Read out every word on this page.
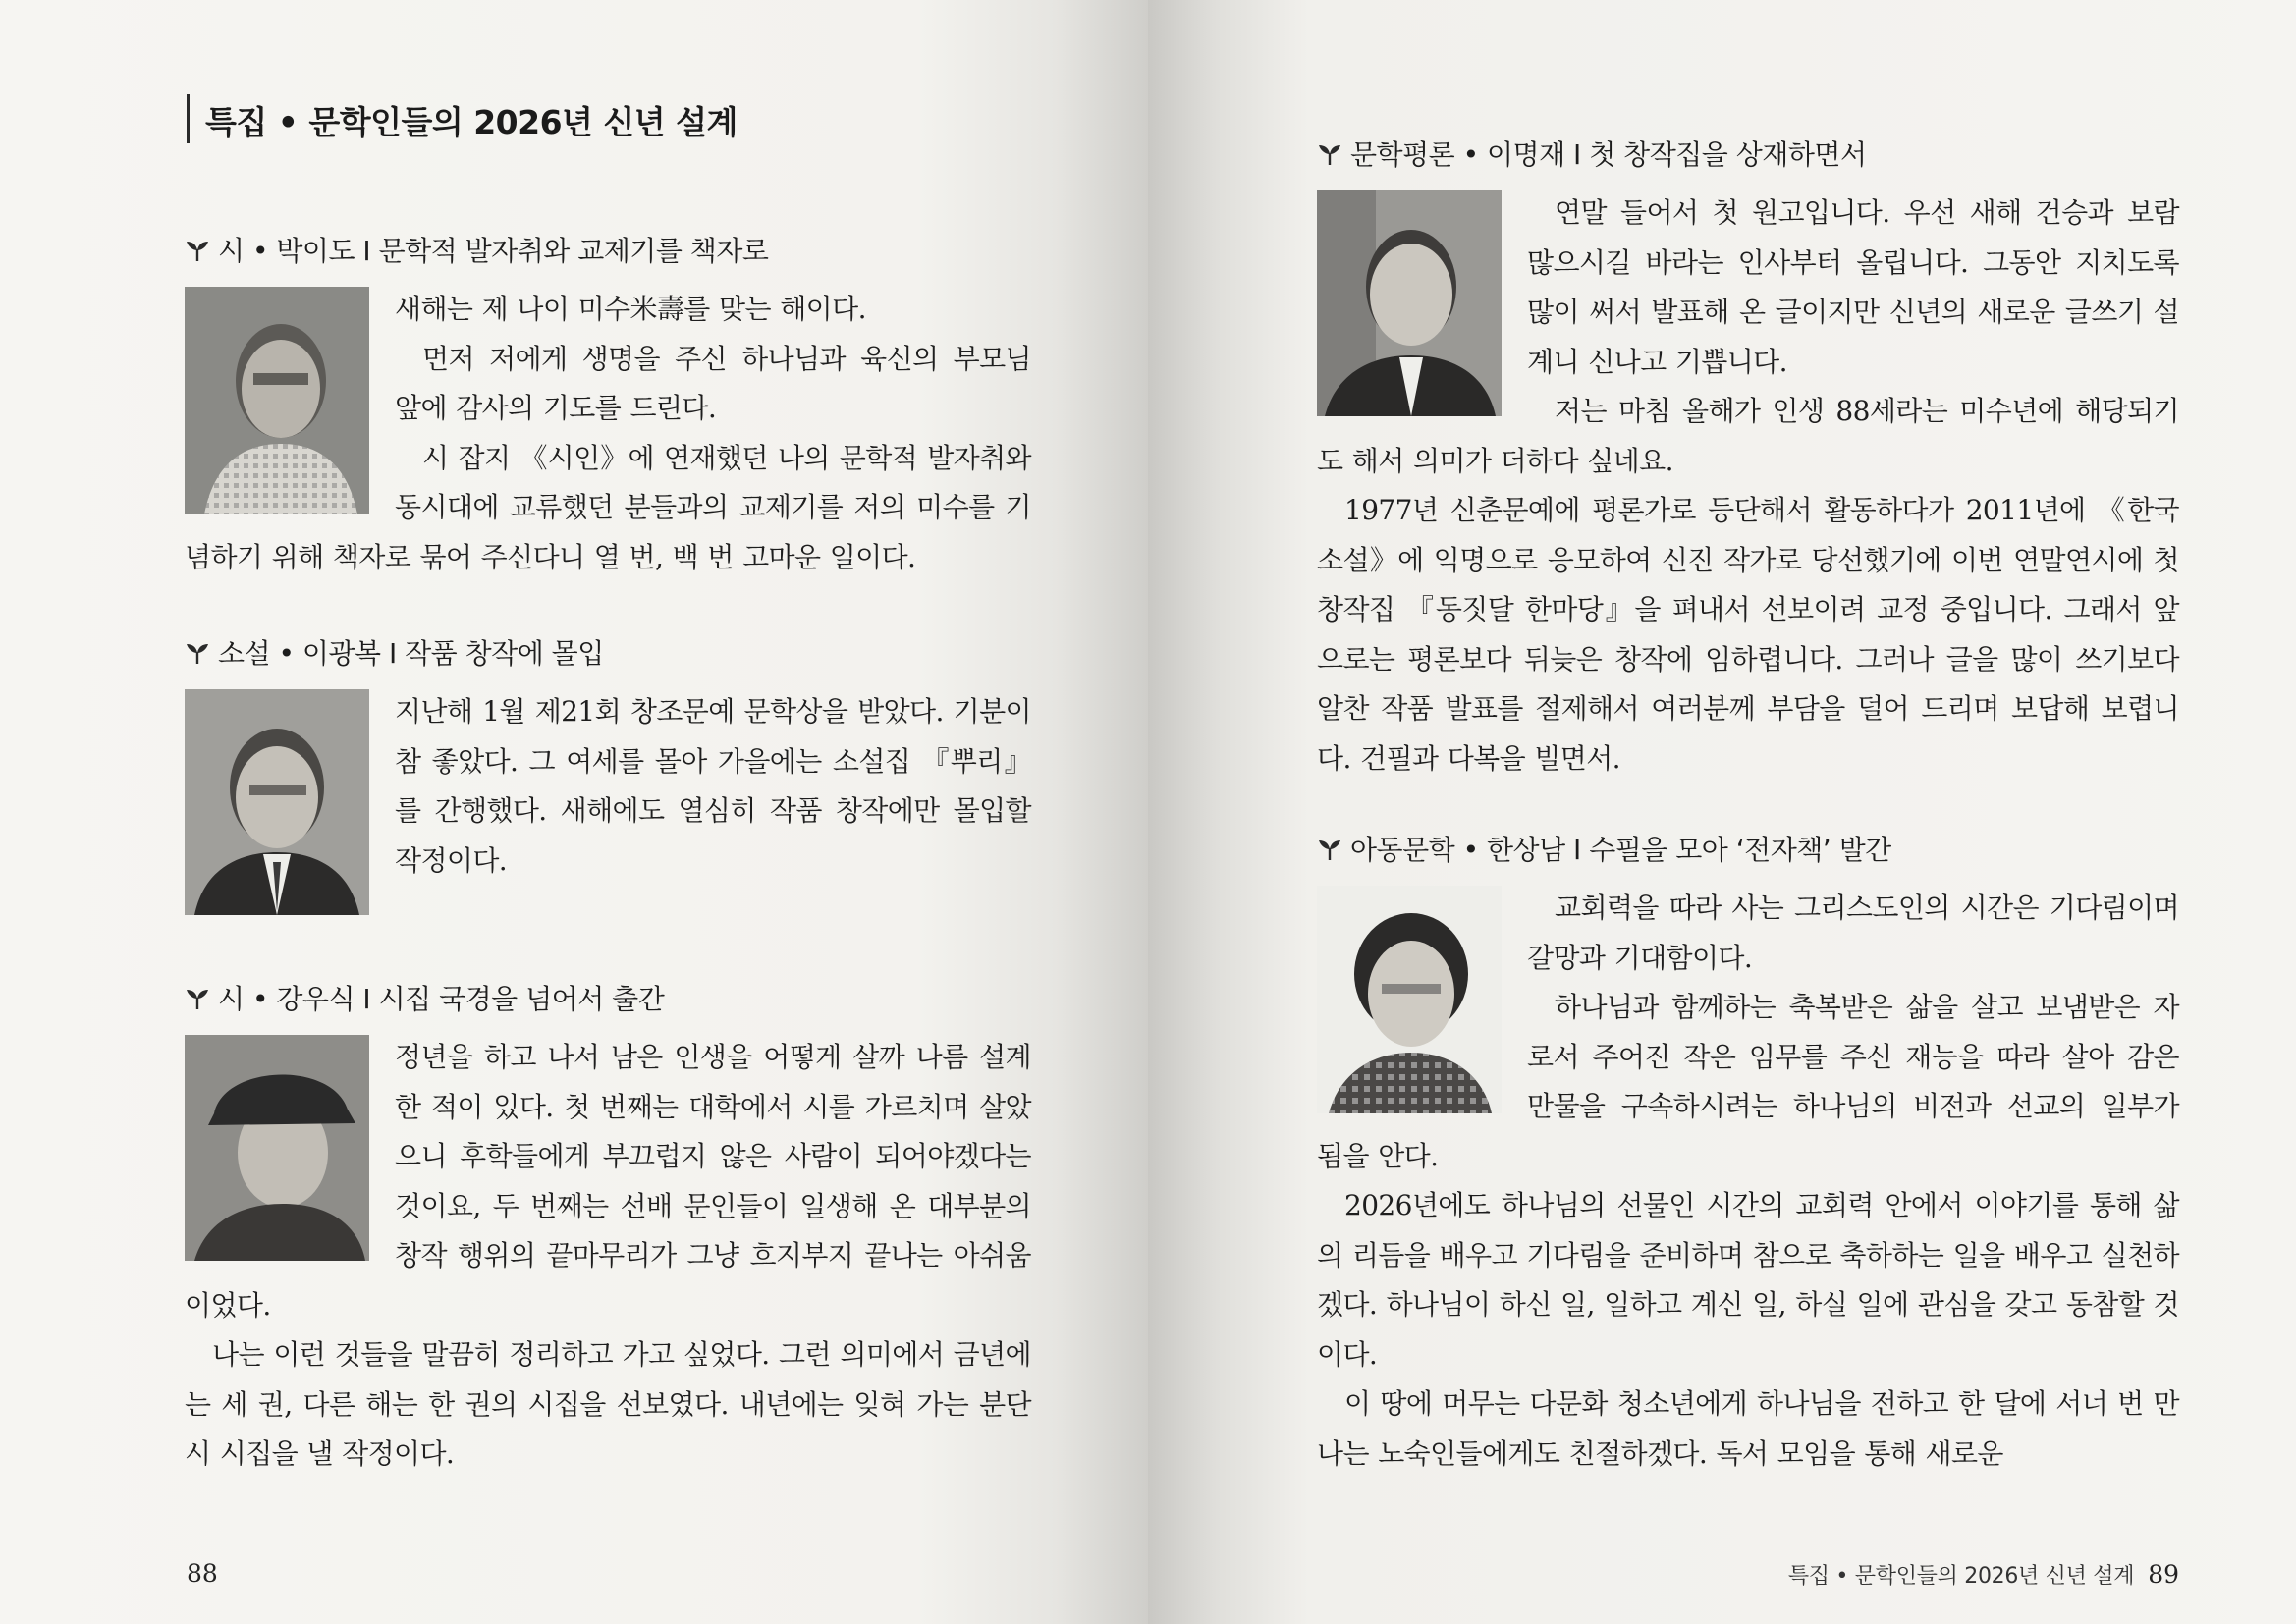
특집 • 문학인들의 2026년 신년 설계
시 • 박이도 I 문학적 발자취와 교제기를 책자로

새해는 제 나이 미수米壽를 맞는 해이다.

먼저 저에게 생명을 주신 하나님과 육신의 부모님 앞에 감사의 기도를 드린다.

시 잡지 《시인》에 연재했던 나의 문학적 발자취와 동시대에 교류했던 분들과의 교제기를 저의 미수를 기념하기 위해 책자로 묶어 주신다니 열 번, 백 번 고마운 일이다.

소설 • 이광복 I 작품 창작에 몰입

지난해 1월 제21회 창조문예 문학상을 받았다. 기분이 참 좋았다. 그 여세를 몰아 가을에는 소설집 『뿌리』를 간행했다. 새해에도 열심히 작품 창작에만 몰입할 작정이다.

시 • 강우식 I 시집 국경을 넘어서 출간

정년을 하고 나서 남은 인생을 어떻게 살까 나름 설계한 적이 있다. 첫 번째는 대학에서 시를 가르치며 살았으니 후학들에게 부끄럽지 않은 사람이 되어야겠다는 것이요, 두 번째는 선배 문인들이 일생해 온 대부분의 창작 행위의 끝마무리가 그냥 흐지부지 끝나는 아쉬움이었다.

나는 이런 것들을 말끔히 정리하고 가고 싶었다. 그런 의미에서 금년에는 세 권, 다른 해는 한 권의 시집을 선보였다. 내년에는 잊혀 가는 분단시 시집을 낼 작정이다.

88
문학평론 • 이명재 I 첫 창작집을 상재하면서

연말 들어서 첫 원고입니다. 우선 새해 건승과 보람 많으시길 바라는 인사부터 올립니다. 그동안 지치도록 많이 써서 발표해 온 글이지만 신년의 새로운 글쓰기 설계니 신나고 기쁩니다.

저는 마침 올해가 인생 88세라는 미수년에 해당되기도 해서 의미가 더하다 싶네요.

1977년 신춘문예에 평론가로 등단해서 활동하다가 2011년에 《한국소설》에 익명으로 응모하여 신진 작가로 당선했기에 이번 연말연시에 첫 창작집 『동짓달 한마당』을 펴내서 선보이려 교정 중입니다. 그래서 앞으로는 평론보다 뒤늦은 창작에 임하렵니다. 그러나 글을 많이 쓰기보다 알찬 작품 발표를 절제해서 여러분께 부담을 덜어 드리며 보답해 보렵니다. 건필과 다복을 빌면서.

아동문학 • 한상남 I 수필을 모아 ‘전자책’ 발간

교회력을 따라 사는 그리스도인의 시간은 기다림이며 갈망과 기대함이다.

하나님과 함께하는 축복받은 삶을 살고 보냄받은 자로서 주어진 작은 임무를 주신 재능을 따라 살아 감은 만물을 구속하시려는 하나님의 비전과 선교의 일부가 됨을 안다.

2026년에도 하나님의 선물인 시간의 교회력 안에서 이야기를 통해 삶의 리듬을 배우고 기다림을 준비하며 참으로 축하하는 일을 배우고 실천하겠다. 하나님이 하신 일, 일하고 계신 일, 하실 일에 관심을 갖고 동참할 것이다.

이 땅에 머무는 다문화 청소년에게 하나님을 전하고 한 달에 서너 번 만나는 노숙인들에게도 친절하겠다. 독서 모임을 통해 새로운

특집 • 문학인들의 2026년 신년 설계 89
